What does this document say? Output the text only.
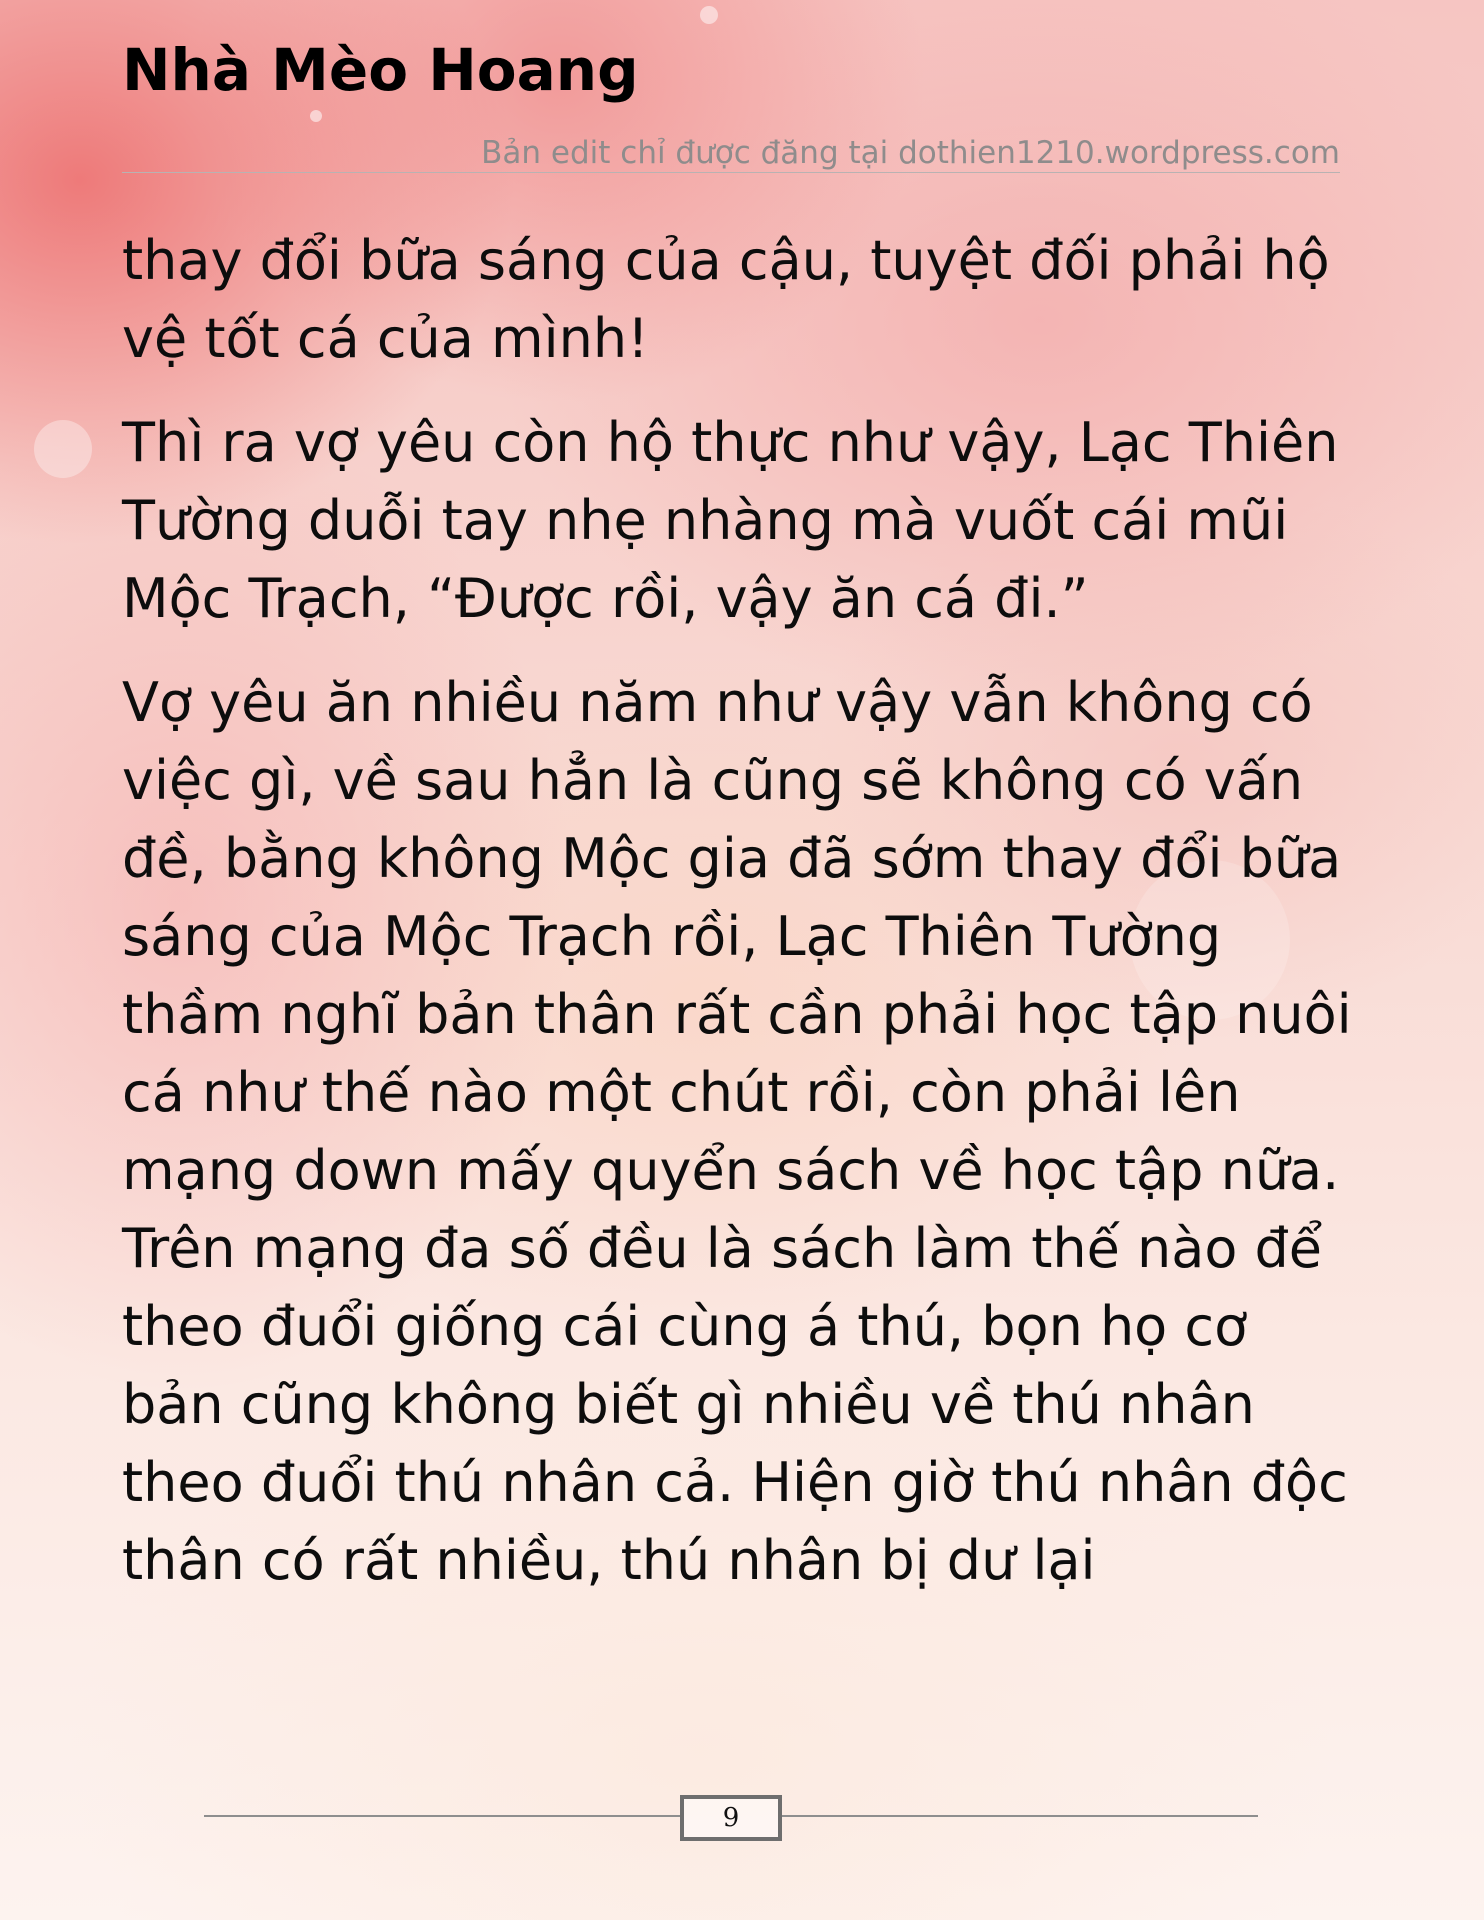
Nhà Mèo Hoang
Bản edit chỉ được đăng tại dothien1210.wordpress.com

thay đổi bữa sáng của cậu, tuyệt đối phải hộ vệ tốt cá của mình!

Thì ra vợ yêu còn hộ thực như vậy, Lạc Thiên Tường duỗi tay nhẹ nhàng mà vuốt cái mũi Mộc Trạch, “Được rồi, vậy ăn cá đi.”

Vợ yêu ăn nhiều năm như vậy vẫn không có việc gì, về sau hẳn là cũng sẽ không có vấn đề, bằng không Mộc gia đã sớm thay đổi bữa sáng của Mộc Trạch rồi, Lạc Thiên Tường thầm nghĩ bản thân rất cần phải học tập nuôi cá như thế nào một chút rồi, còn phải lên mạng down mấy quyển sách về học tập nữa. Trên mạng đa số đều là sách làm thế nào để theo đuổi giống cái cùng á thú, bọn họ cơ bản cũng không biết gì nhiều về thú nhân theo đuổi thú nhân cả. Hiện giờ thú nhân độc thân có rất nhiều, thú nhân bị dư lại

9
